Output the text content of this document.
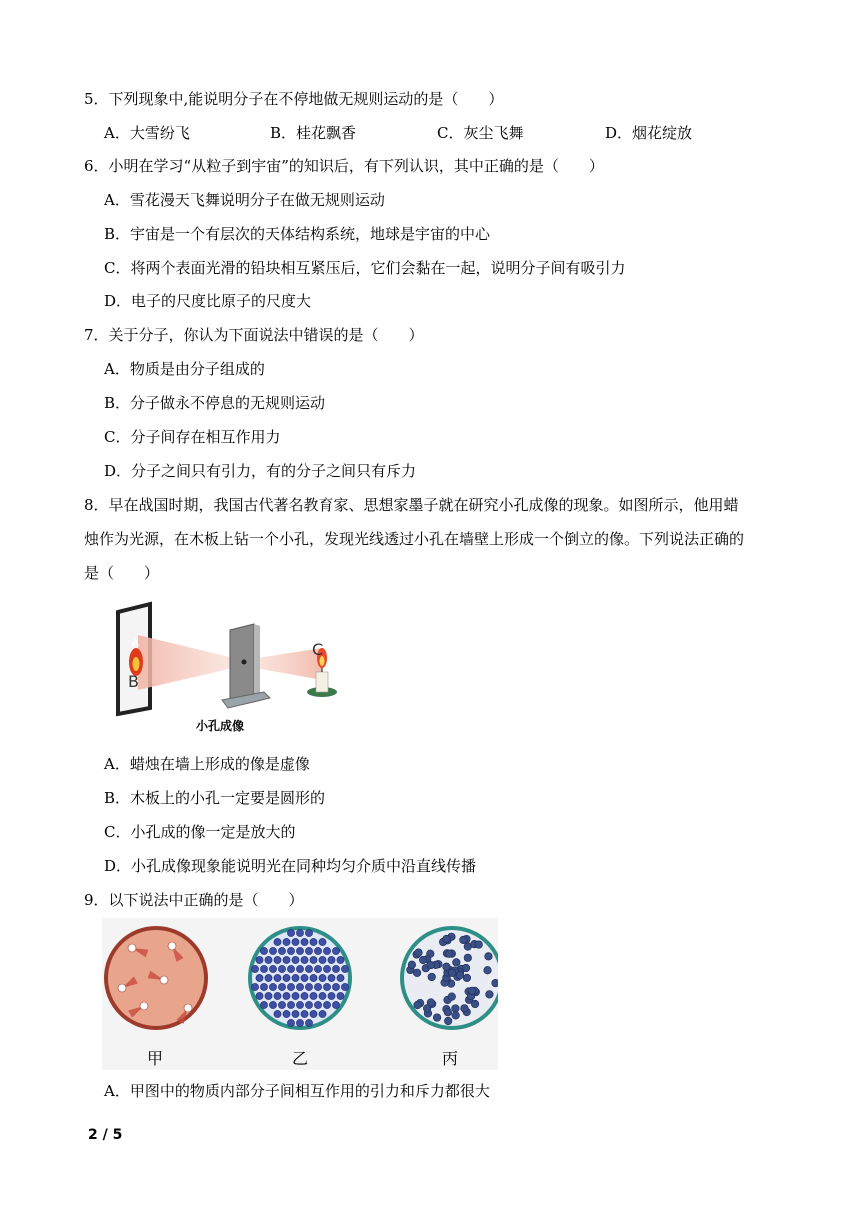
5．下列现象中,能说明分子在不停地做无规则运动的是（　　）
A．大雪纷飞	B．桂花飘香	C．灰尘飞舞	D．烟花绽放
6．小明在学习“从粒子到宇宙”的知识后，有下列认识，其中正确的是（　　）
A．雪花漫天飞舞说明分子在做无规则运动
B．宇宙是一个有层次的天体结构系统，地球是宇宙的中心
C．将两个表面光滑的铅块相互紧压后，它们会黏在一起，说明分子间有吸引力
D．电子的尺度比原子的尺度大
7．关于分子，你认为下面说法中错误的是（　　）
A．物质是由分子组成的
B．分子做永不停息的无规则运动
C．分子间存在相互作用力
D．分子之间只有引力，有的分子之间只有斥力
8．早在战国时期，我国古代著名教育家、思想家墨子就在研究小孔成像的现象。如图所示，他用蜡
烛作为光源，在木板上钻一个小孔，发现光线透过小孔在墙壁上形成一个倒立的像。下列说法正确的
是（　　）
A
B
C
小孔成像
A．蜡烛在墙上形成的像是虚像
B．木板上的小孔一定要是圆形的
C．小孔成的像一定是放大的
D．小孔成像现象能说明光在同种均匀介质中沿直线传播
9．以下说法中正确的是（　　）
甲	乙	丙
A．甲图中的物质内部分子间相互作用的引力和斥力都很大
2 / 5
